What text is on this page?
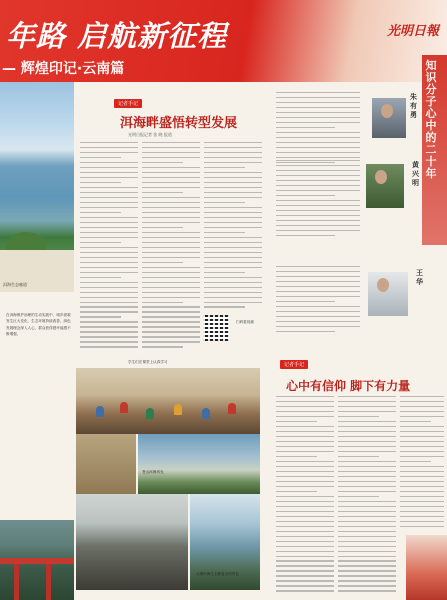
年路 启航新征程
— 辉煌印记·云南篇
光明日報
洱海生态廊道
在洱海保护治理的生动实践中，城乡面貌发生巨大变化，生态环境持续改善，绿色发展理念深入人心，群众获得感幸福感不断增强。
记者手记
洱海畔盛悟转型发展
光明日报记者 张 晓 报道
扫码看视频
学生们在课堂上认真学习
苍山洱海风光
大理洱海生态修复后的景色
知识分子心中的二十年
朱有勇
黄兴明
王华
记者手记
心中有信仰 脚下有力量
